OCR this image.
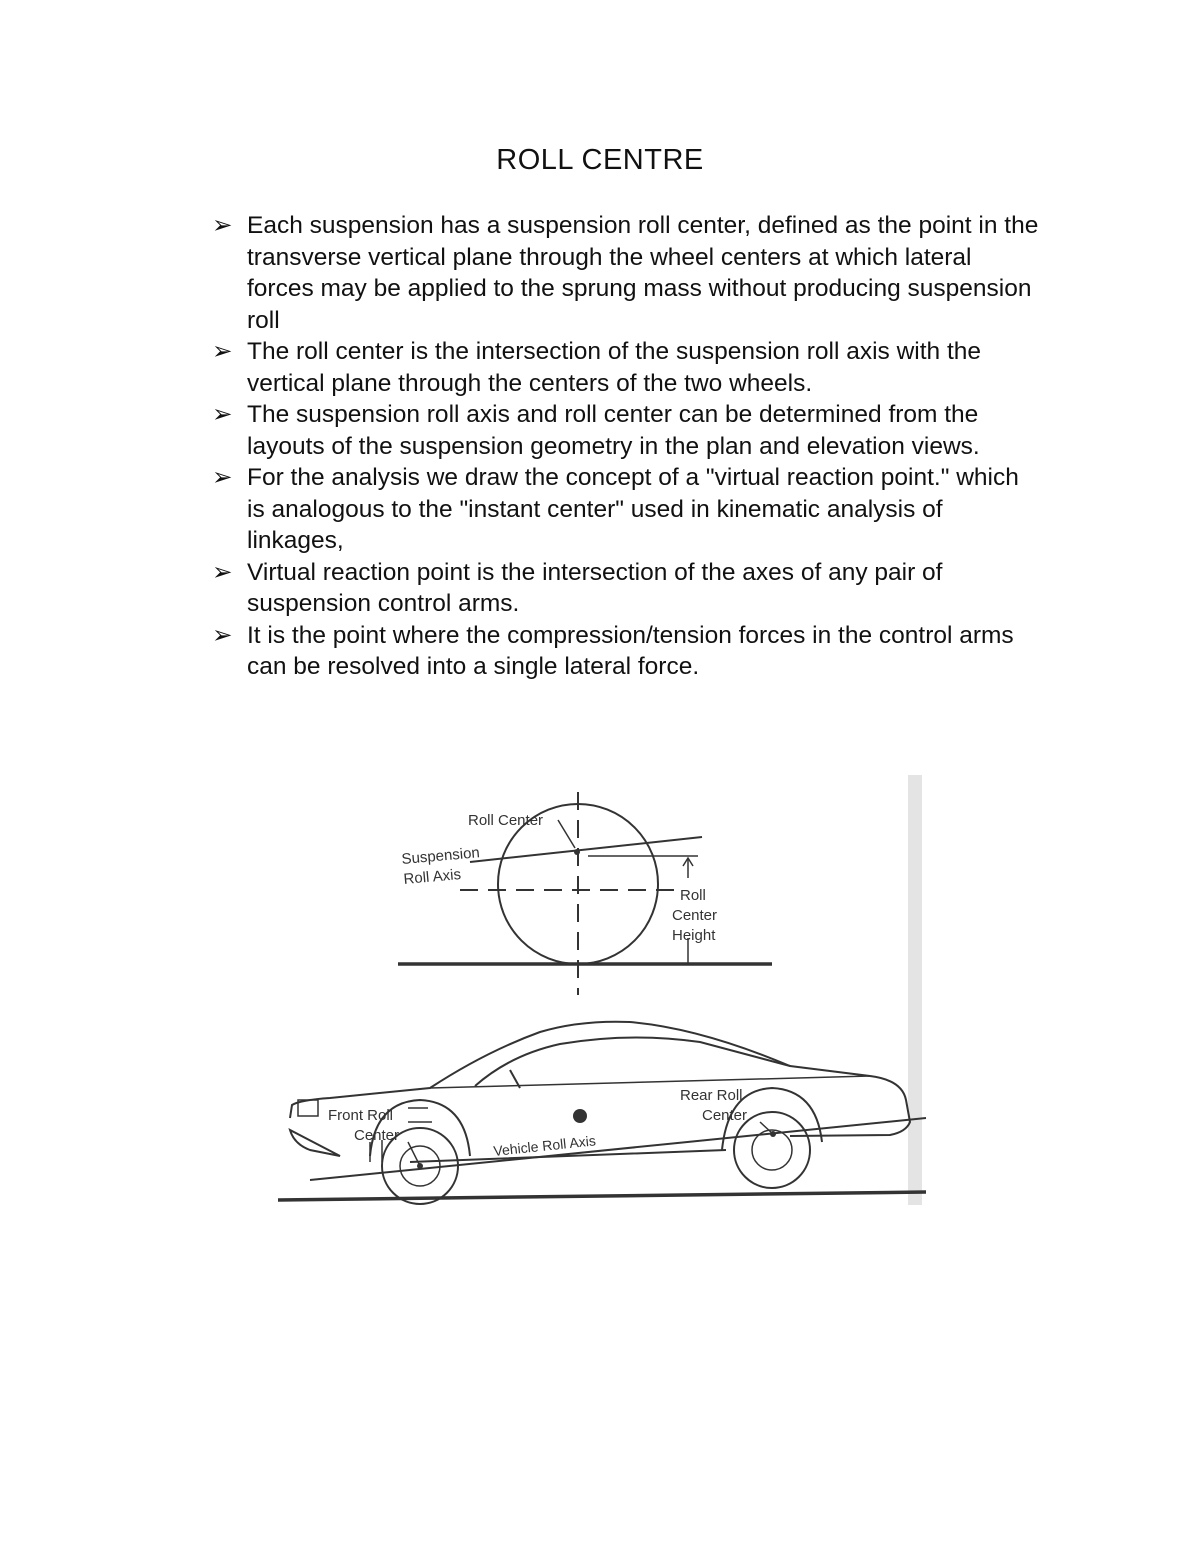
ROLL CENTRE
➢ Each suspension has a suspension roll center, defined as the point in the transverse vertical plane through the wheel centers at which lateral forces may be applied to the sprung mass without producing suspension roll
➢ The roll center is the intersection of the suspension roll axis with the vertical plane through the centers of the two wheels.
➢ The suspension roll axis and roll center can be determined from the layouts of the suspension geometry in the plan and elevation views.
➢ For the analysis we draw the concept of a "virtual reaction point." which is analogous to the "instant center" used in kinematic analysis of linkages,
➢ Virtual reaction point is the intersection of the axes of any pair of suspension control arms.
➢ It is the point where the compression/tension forces in the control arms can be resolved into a single lateral force.
Roll Center
Suspension
Roll Axis
Roll
Center
Height
Front Roll
Center
Rear Roll
Center
Vehicle Roll Axis
